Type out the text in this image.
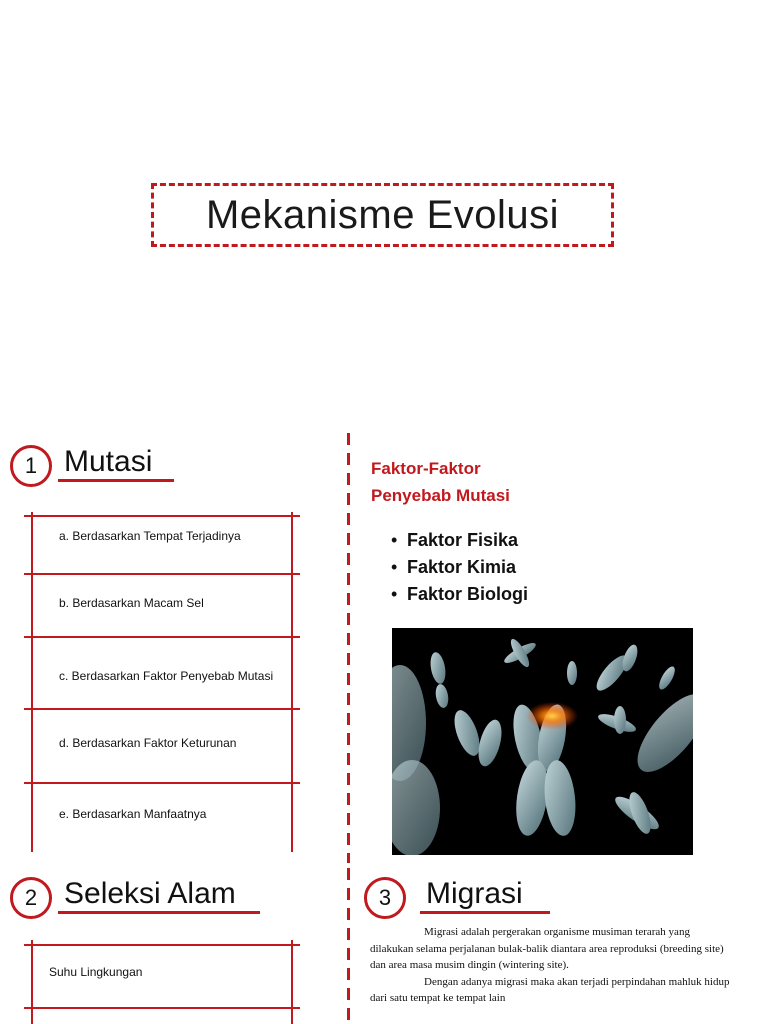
Mekanisme Evolusi
1 Mutasi
a. Berdasarkan Tempat Terjadinya
b. Berdasarkan Macam Sel
c. Berdasarkan Faktor Penyebab Mutasi
d. Berdasarkan Faktor Keturunan
e. Berdasarkan Manfaatnya
Faktor-Faktor
Penyebab Mutasi
• Faktor Fisika
• Faktor Kimia
• Faktor Biologi
2 Seleksi Alam
Suhu Lingkungan
3 Migrasi

Migrasi adalah pergerakan organisme musiman terarah yang dilakukan selama perjalanan bulak-balik diantara area reproduksi (breeding site) dan area masa musim dingin (wintering site).

Dengan adanya migrasi maka akan terjadi perpindahan mahluk hidup dari satu tempat ke tempat lain
